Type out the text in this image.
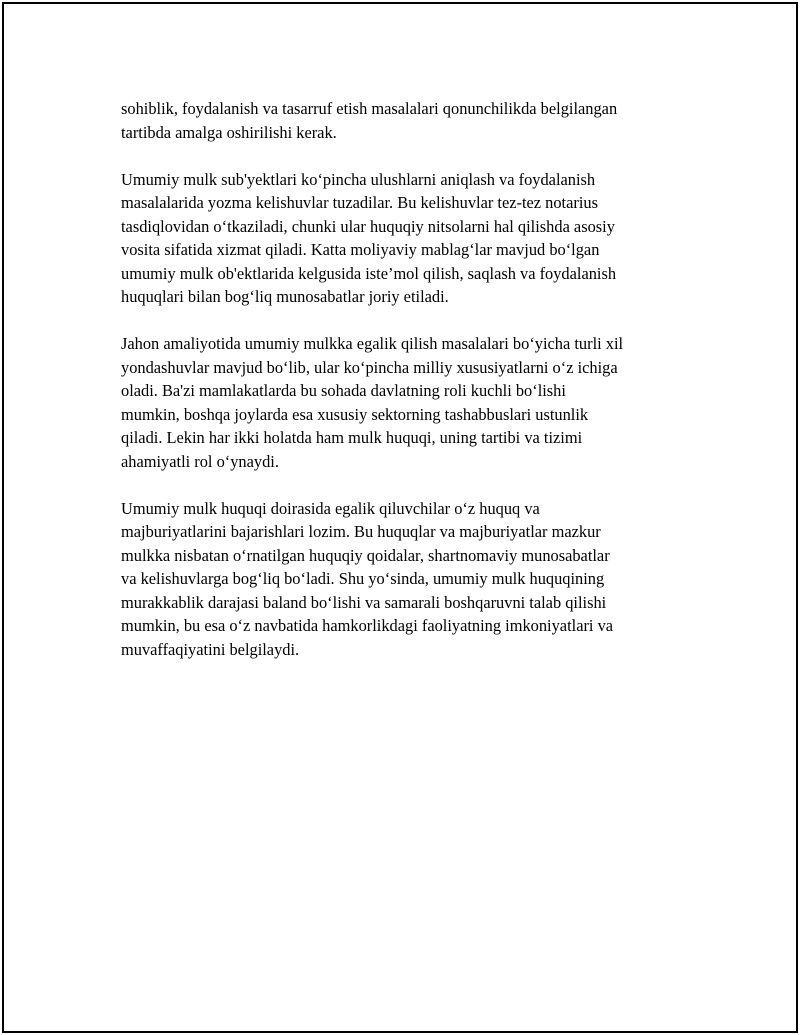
sohiblik, foydalanish va tasarruf etish masalalari qonunchilikda belgilangan
tartibda amalga oshirilishi kerak.

Umumiy mulk sub'yektlari ko‘pincha ulushlarni aniqlash va foydalanish
masalalarida yozma kelishuvlar tuzadilar. Bu kelishuvlar tez-tez notarius
tasdiqlovidan o‘tkaziladi, chunki ular huquqiy nitsolarni hal qilishda asosiy
vosita sifatida xizmat qiladi. Katta moliyaviy mablag‘lar mavjud bo‘lgan
umumiy mulk ob'ektlarida kelgusida iste’mol qilish, saqlash va foydalanish
huquqlari bilan bog‘liq munosabatlar joriy etiladi.

Jahon amaliyotida umumiy mulkka egalik qilish masalalari bo‘yicha turli xil
yondashuvlar mavjud bo‘lib, ular ko‘pincha milliy xususiyatlarni o‘z ichiga
oladi. Ba'zi mamlakatlarda bu sohada davlatning roli kuchli bo‘lishi
mumkin, boshqa joylarda esa xususiy sektorning tashabbuslari ustunlik
qiladi. Lekin har ikki holatda ham mulk huquqi, uning tartibi va tizimi
ahamiyatli rol o‘ynaydi.

Umumiy mulk huquqi doirasida egalik qiluvchilar o‘z huquq va
majburiyatlarini bajarishlari lozim. Bu huquqlar va majburiyatlar mazkur
mulkka nisbatan o‘rnatilgan huquqiy qoidalar, shartnomaviy munosabatlar
va kelishuvlarga bog‘liq bo‘ladi. Shu yo‘sinda, umumiy mulk huquqining
murakkablik darajasi baland bo‘lishi va samarali boshqaruvni talab qilishi
mumkin, bu esa o‘z navbatida hamkorlikdagi faoliyatning imkoniyatlari va
muvaffaqiyatini belgilaydi.
